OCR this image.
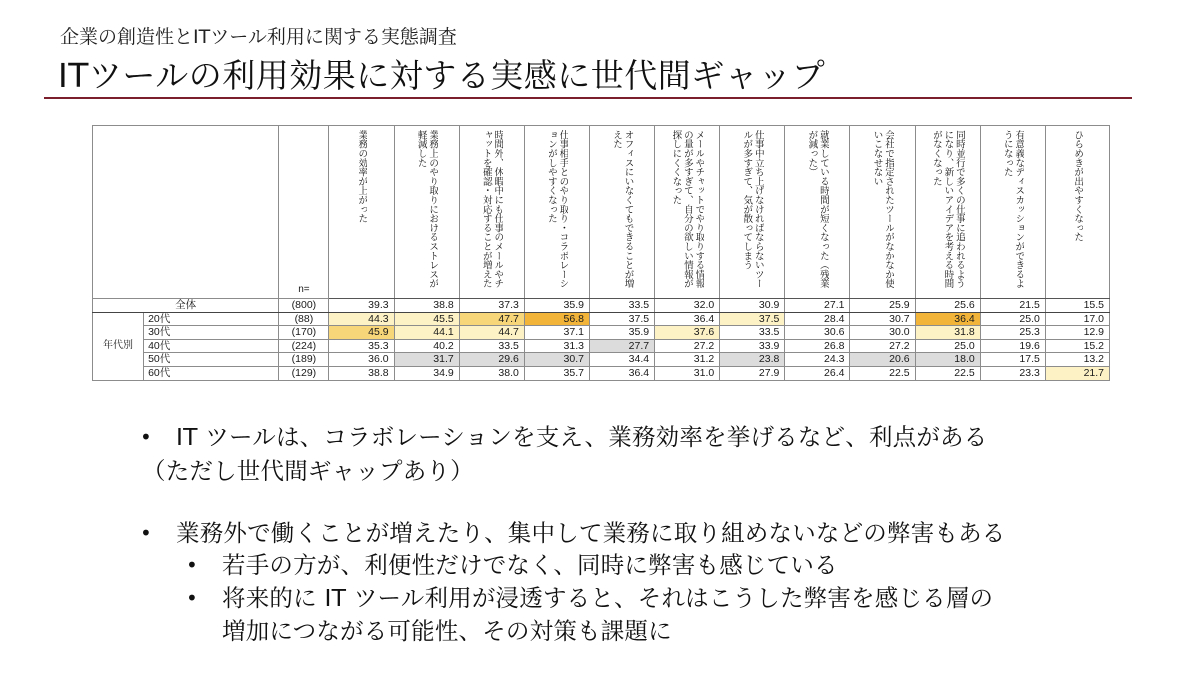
企業の創造性とITツール利用に関する実態調査
ITツールの利用効果に対する実感に世代間ギャップ

		n=	業務の効率が上がった	業務上のやり取りにおけるストレスが軽減した	時間外、休暇中にも仕事のメールやチャットを確認・対応することが増えた	仕事相手とのやり取り・コラボレーションがしやすくなった	オフィスにいなくてもできることが増えた	メールやチャットでやり取りする情報の量が多すぎて、自分の欲しい情報が探しにくくなった	仕事中立ち上げなければならないツールが多すぎて、気が散ってしまう	就業している時間が短くなった（残業が減った）	会社で指定されたツールがなかなか使いこなせない	同時並行で多くの仕事に追われるようになり、新しいアイデアを考える時間がなくなった	有意義なディスカッションができるようになった	ひらめきが出やすくなった

全体		(800)	39.3	38.8	37.3	35.9	33.5	32.0	30.9	27.1	25.9	25.6	21.5	15.5
年代別	20代	(88)	44.3	45.5	47.7	56.8	37.5	36.4	37.5	28.4	30.7	36.4	25.0	17.0
	30代	(170)	45.9	44.1	44.7	37.1	35.9	37.6	33.5	30.6	30.0	31.8	25.3	12.9
	40代	(224)	35.3	40.2	33.5	31.3	27.7	27.2	33.9	26.8	27.2	25.0	19.6	15.2
	50代	(189)	36.0	31.7	29.6	30.7	34.4	31.2	23.8	24.3	20.6	18.0	17.5	13.2
	60代	(129)	38.8	34.9	38.0	35.7	36.4	31.0	27.9	26.4	22.5	22.5	23.3	21.7
• IT ツールは、コラボレーションを支え、業務効率を挙げるなど、利点がある
（ただし世代間ギャップあり）
• 業務外で働くことが増えたり、集中して業務に取り組めないなどの弊害もある
• 若手の方が、利便性だけでなく、同時に弊害も感じている
• 将来的に IT ツール利用が浸透すると、それはこうした弊害を感じる層の
増加につながる可能性、その対策も課題に
